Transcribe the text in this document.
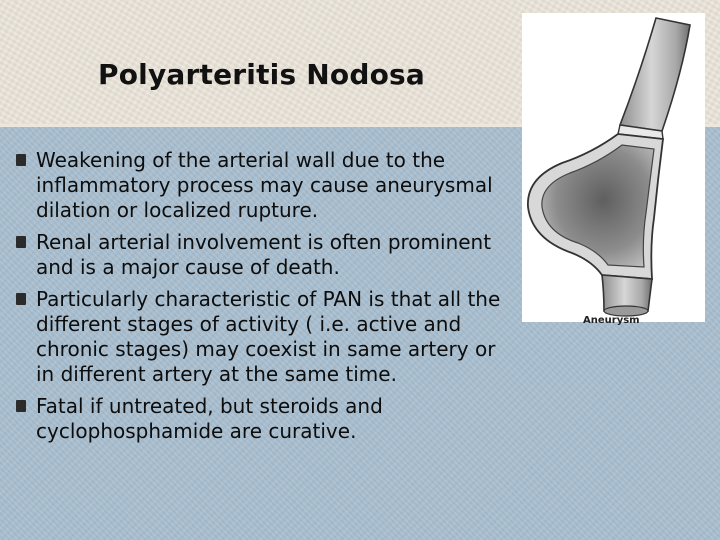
Polyarteritis Nodosa
Weakening of the arterial wall due to the inflammatory process may cause aneurysmal dilation or localized rupture.
Renal arterial involvement is often prominent and is a major cause of death.
Particularly characteristic of PAN is that all the different stages of activity ( i.e. active and chronic stages) may coexist in same artery or in different artery at the same time.
Fatal if untreated, but steroids and cyclophosphamide are curative.
Aneurysm
